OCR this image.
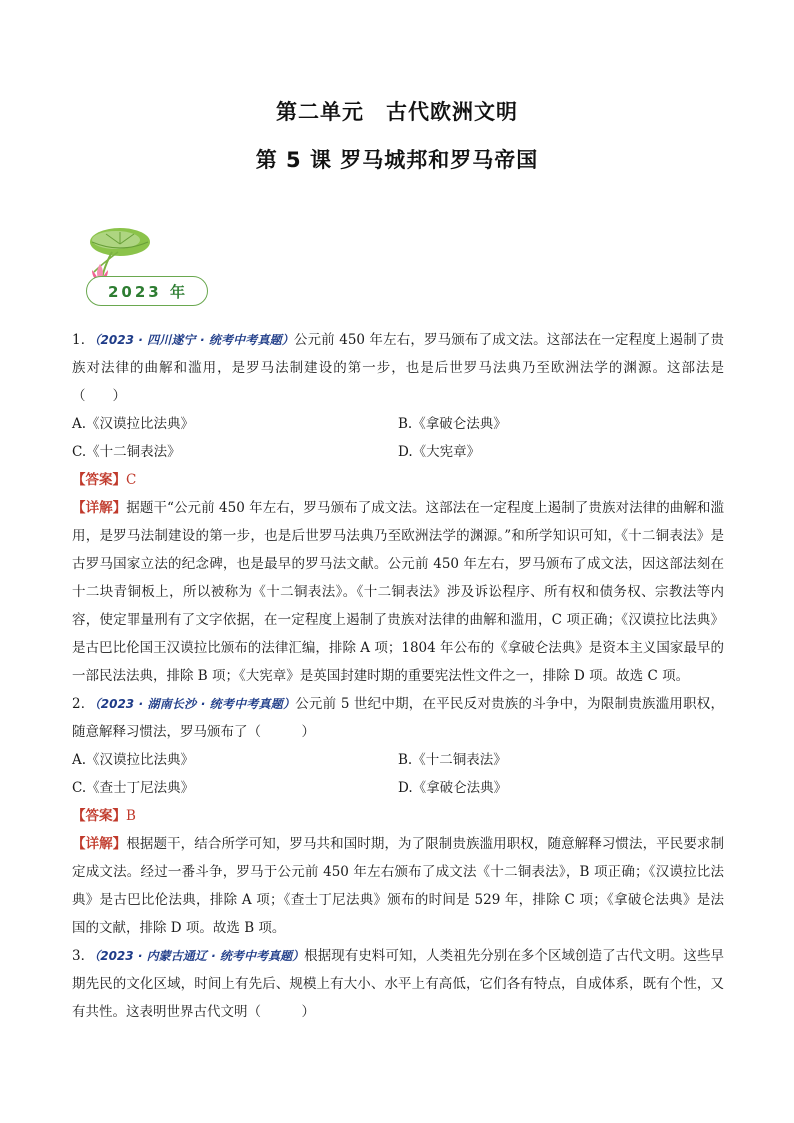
第二单元　古代欧洲文明
第 5 课 罗马城邦和罗马帝国
2023 年

1．（2023 · 四川遂宁 · 统考中考真题）公元前 450 年左右，罗马颁布了成文法。这部法在一定程度上遏制了贵族对法律的曲解和滥用，是罗马法制建设的第一步，也是后世罗马法典乃至欧洲法学的渊源。这部法是（　　）

A.《汉谟拉比法典》	B.《拿破仑法典》
C.《十二铜表法》	D.《大宪章》
【答案】C
【详解】据题干“公元前 450 年左右，罗马颁布了成文法。这部法在一定程度上遏制了贵族对法律的曲解和滥用，是罗马法制建设的第一步，也是后世罗马法典乃至欧洲法学的渊源。”和所学知识可知，《十二铜表法》是古罗马国家立法的纪念碑，也是最早的罗马法文献。公元前 450 年左右，罗马颁布了成文法，因这部法刻在十二块青铜板上，所以被称为《十二铜表法》。《十二铜表法》涉及诉讼程序、所有权和债务权、宗教法等内容，使定罪量刑有了文字依据，在一定程度上遏制了贵族对法律的曲解和滥用，C 项正确；《汉谟拉比法典》是古巴比伦国王汉谟拉比颁布的法律汇编，排除 A 项；1804 年公布的《拿破仑法典》是资本主义国家最早的一部民法法典，排除 B 项；《大宪章》是英国封建时期的重要宪法性文件之一，排除 D 项。故选 C 项。

2．（2023 · 湖南长沙 · 统考中考真题）公元前 5 世纪中期，在平民反对贵族的斗争中，为限制贵族滥用职权，随意解释习惯法，罗马颁布了（　　　）

A.《汉谟拉比法典》	B.《十二铜表法》
C.《查士丁尼法典》	D.《拿破仑法典》
【答案】B
【详解】根据题干，结合所学可知，罗马共和国时期，为了限制贵族滥用职权，随意解释习惯法，平民要求制定成文法。经过一番斗争，罗马于公元前 450 年左右颁布了成文法《十二铜表法》，B 项正确；《汉谟拉比法典》是古巴比伦法典，排除 A 项；《查士丁尼法典》颁布的时间是 529 年，排除 C 项；《拿破仑法典》是法国的文献，排除 D 项。故选 B 项。

3．（2023 · 内蒙古通辽 · 统考中考真题）根据现有史料可知，人类祖先分别在多个区域创造了古代文明。这些早期先民的文化区域，时间上有先后、规模上有大小、水平上有高低，它们各有特点，自成体系，既有个性，又有共性。这表明世界古代文明（　　　）
